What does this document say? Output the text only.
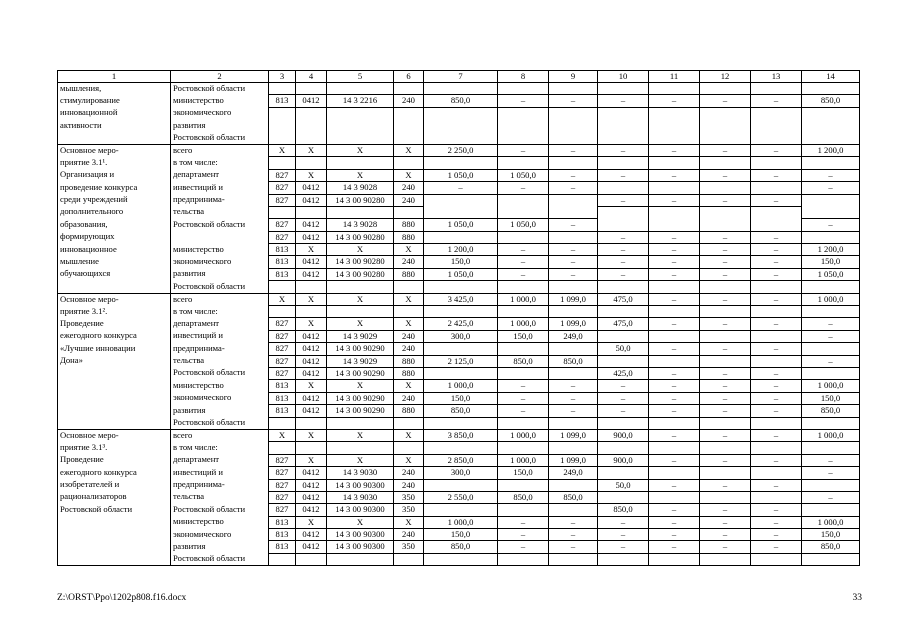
1	2	3	4	5	6	7	8	9	10	11	12	13	14
мышления,	Ростовской области												
стимулирование	министерство	813	0412	14 3 2216	240	850,0	–	–	–	–	–	–	850,0
инновационной	экономического												
активности	развития												
	Ростовской области												
Основное меро-	всего	Х	Х	Х	Х	2 250,0	–	–	–	–	–	–	1 200,0
приятие 3.1¹.	в том числе:												
Организация и	департамент	827	Х	Х	Х	1 050,0	1 050,0	–	–	–	–	–	–
проведение конкурса	инвестиций и	827	0412	14 3 9028	240	–	–	–					–
среди учреждений	предпринима-	827	0412	14 3 00 90280	240				–	–	–	–	
дополнительного	тельства												
образования,	Ростовской области	827	0412	14 3 9028	880	1 050,0	1 050,0	–					–
формирующих		827	0412	14 3 00 90280	880				–	–	–	–	
инновационное	министерство	813	Х	Х	Х	1 200,0	–	–	–	–	–	–	1 200,0
мышление	экономического	813	0412	14 3 00 90280	240	150,0	–	–	–	–	–	–	150,0
обучающихся	развития	813	0412	14 3 00 90280	880	1 050,0	–	–	–	–	–	–	1 050,0
	Ростовской области												
Основное меро-	всего	Х	Х	Х	Х	3 425,0	1 000,0	1 099,0	475,0	–	–	–	1 000,0
приятие 3.1².	в том числе:												
Проведение	департамент	827	Х	Х	Х	2 425,0	1 000,0	1 099,0	475,0	–	–	–	–
ежегодного конкурса	инвестиций и	827	0412	14 3 9029	240	300,0	150,0	249,0					–
«Лучшие инновации	предпринима-	827	0412	14 3 00 90290	240				50,0	–	–	–	
Дона»	тельства	827	0412	14 3 9029	880	2 125,0	850,0	850,0					–
	Ростовской области	827	0412	14 3 00 90290	880				425,0	–	–	–	
	министерство	813	Х	Х	Х	1 000,0	–	–	–	–	–	–	1 000,0
	экономического	813	0412	14 3 00 90290	240	150,0	–	–	–	–	–	–	150,0
	развития	813	0412	14 3 00 90290	880	850,0	–	–	–	–	–	–	850,0
	Ростовской области												
Основное меро-	всего	Х	Х	Х	Х	3 850,0	1 000,0	1 099,0	900,0	–	–	–	1 000,0
приятие 3.1³.	в том числе:												
Проведение	департамент	827	Х	Х	Х	2 850,0	1 000,0	1 099,0	900,0	–	–	–	–
ежегодного конкурса	инвестиций и	827	0412	14 3 9030	240	300,0	150,0	249,0					–
изобретателей и	предпринима-	827	0412	14 3 00 90300	240				50,0	–	–	–	
рационализаторов	тельства	827	0412	14 3 9030	350	2 550,0	850,0	850,0					–
Ростовской области	Ростовской области	827	0412	14 3 00 90300	350				850,0	–	–	–	
	министерство	813	Х	Х	Х	1 000,0	–	–	–	–	–	–	1 000,0
	экономического	813	0412	14 3 00 90300	240	150,0	–	–	–	–	–	–	150,0
	развития	813	0412	14 3 00 90300	350	850,0	–	–	–	–	–	–	850,0
	Ростовской области												
Z:\ORST\Ppo\1202p808.f16.docx	33
